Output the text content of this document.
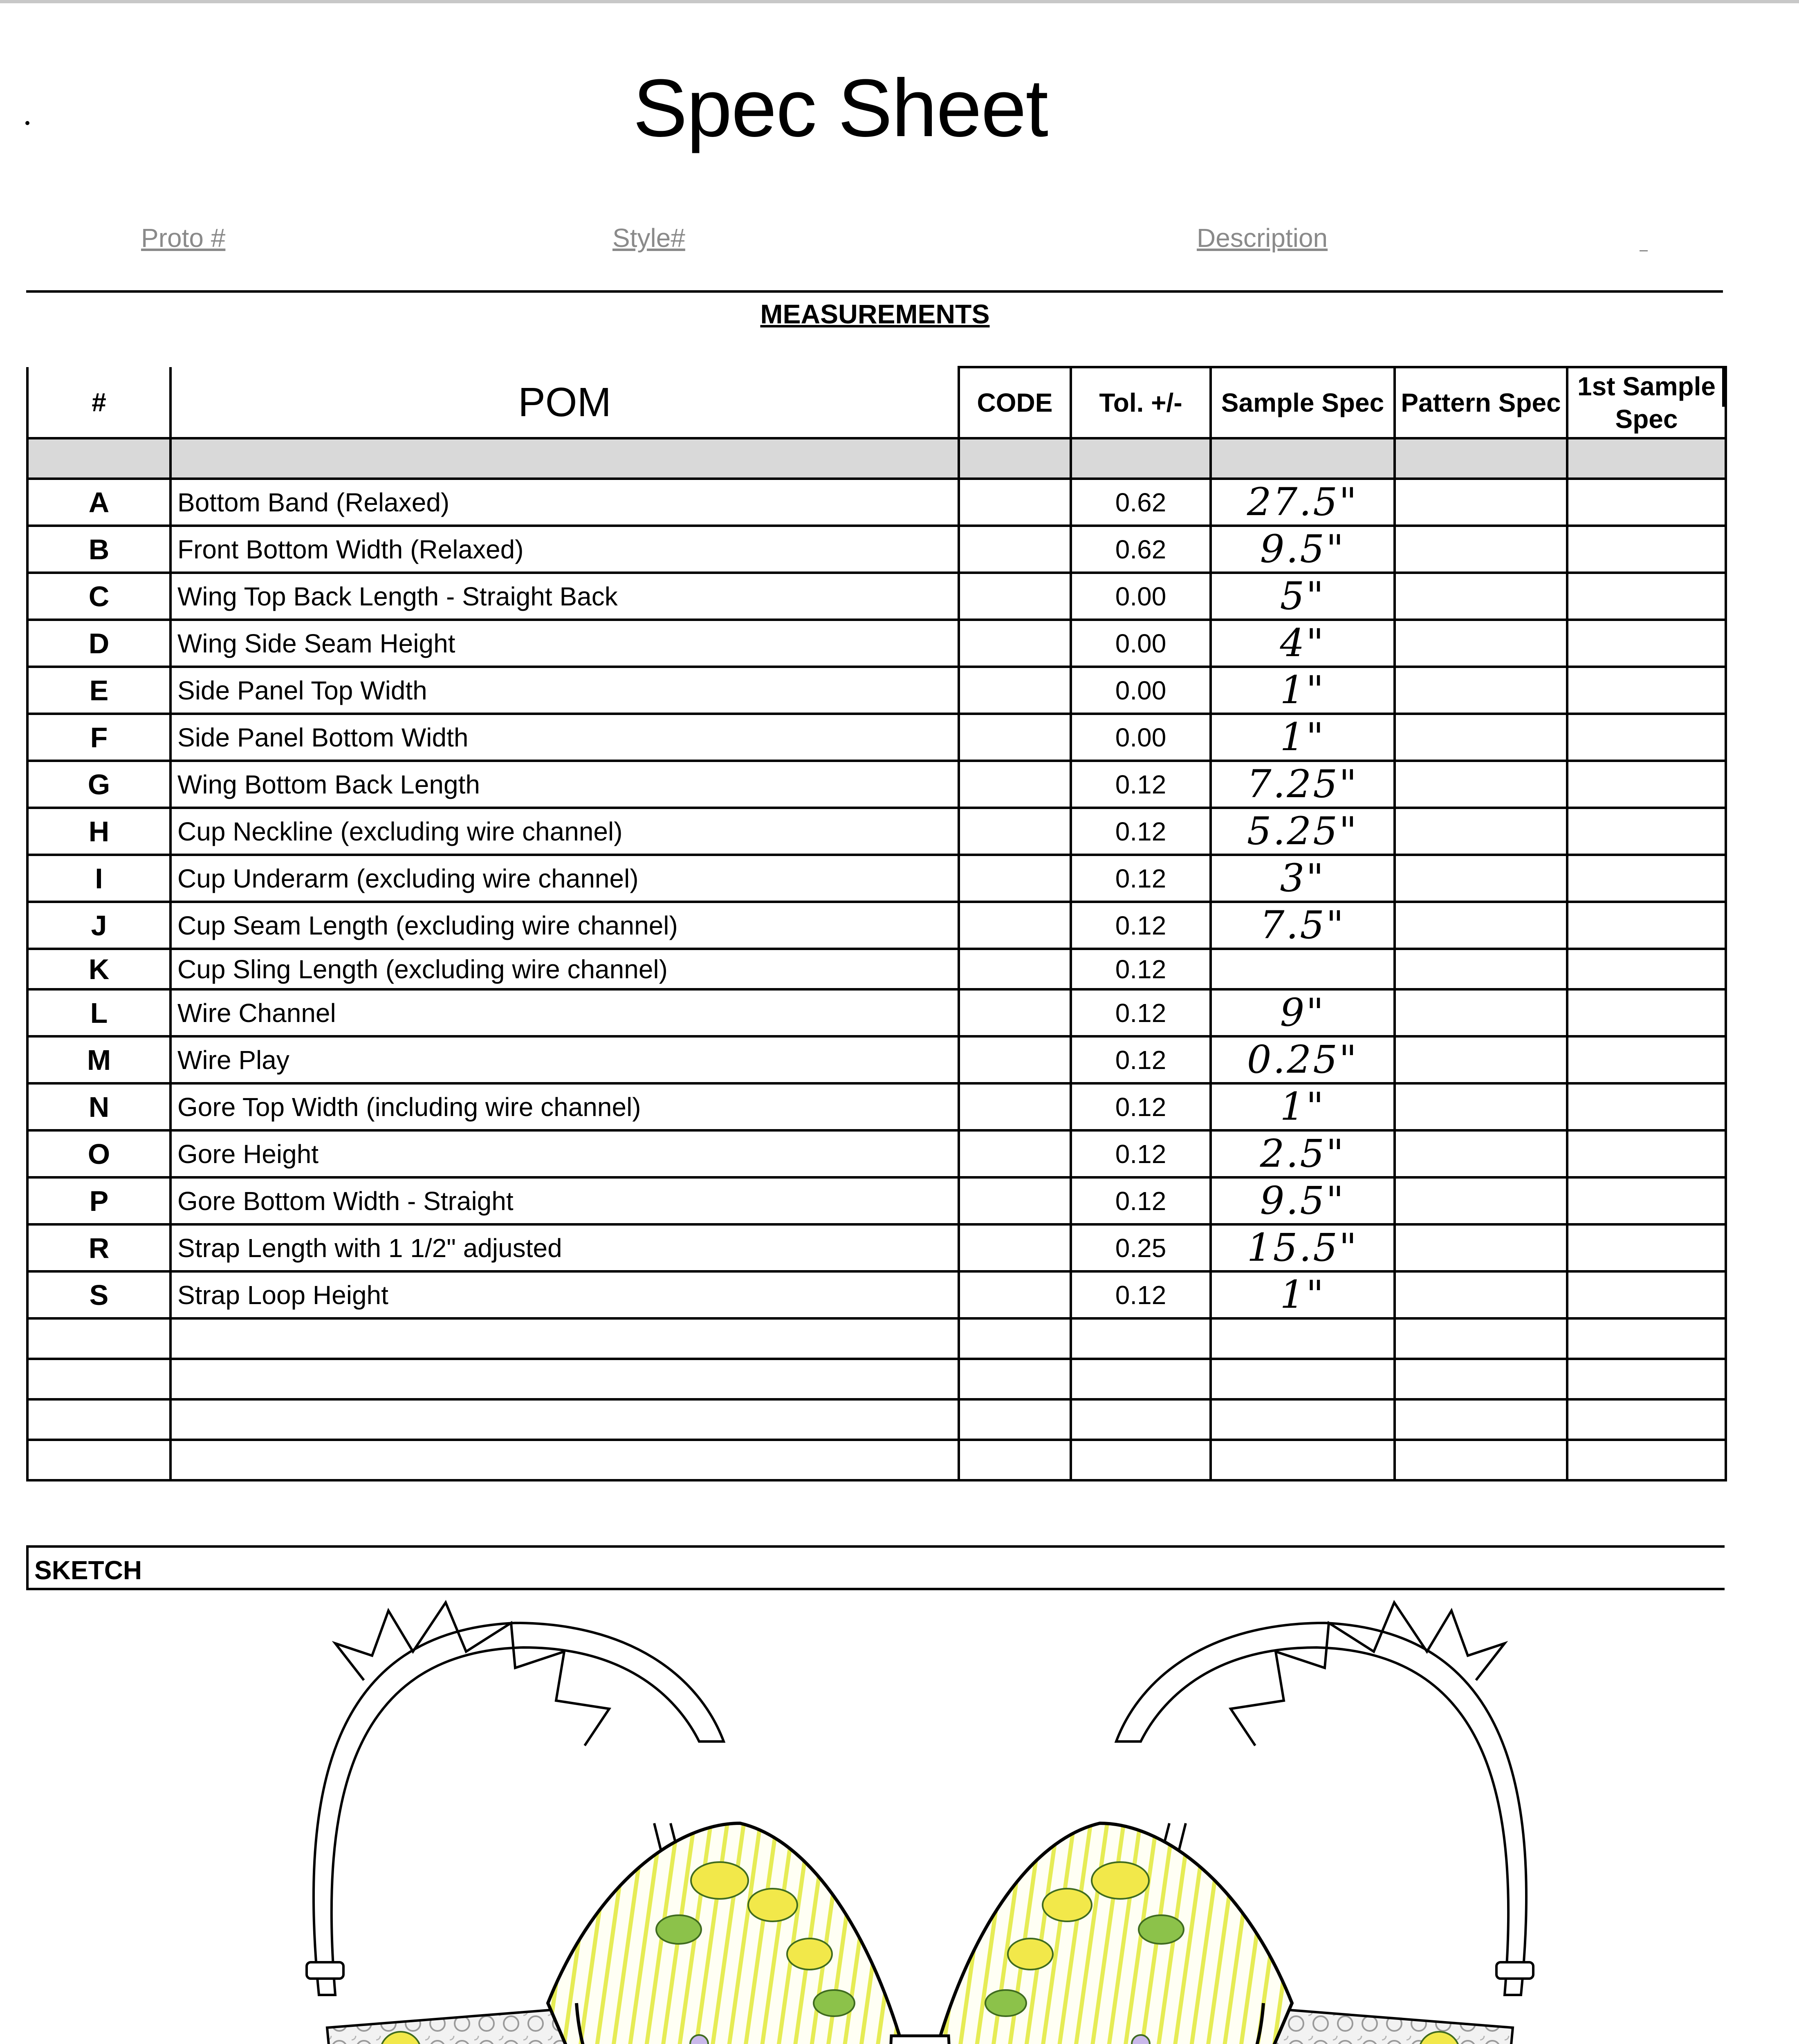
Spec Sheet
Proto #	Style#	Description
MEASUREMENTS
#	POM	CODE	Tol. +/-	Sample Spec	Pattern Spec	1st Sample Spec

A	Bottom Band (Relaxed)		0.62	27.5"		
B	Front Bottom Width (Relaxed)		0.62	9.5"		
C	Wing Top Back Length - Straight Back		0.00	5"		
D	Wing Side Seam Height		0.00	4"		
E	Side Panel Top Width		0.00	1"		
F	Side Panel Bottom Width		0.00	1"		
G	Wing Bottom Back Length		0.12	7.25"		
H	Cup Neckline (excluding wire channel)		0.12	5.25"		
I	Cup Underarm (excluding wire channel)		0.12	3"		
J	Cup Seam Length (excluding wire channel)		0.12	7.5"		
K	Cup Sling Length (excluding wire channel)		0.12			
L	Wire Channel		0.12	9"		
M	Wire Play		0.12	0.25"		
N	Gore Top Width (including wire channel)		0.12	1"		
O	Gore Height		0.12	2.5"		
P	Gore Bottom Width - Straight		0.12	9.5"		
R	Strap Length with 1 1/2" adjusted		0.25	15.5"		
S	Strap Loop Height		0.12	1"		

SKETCH
